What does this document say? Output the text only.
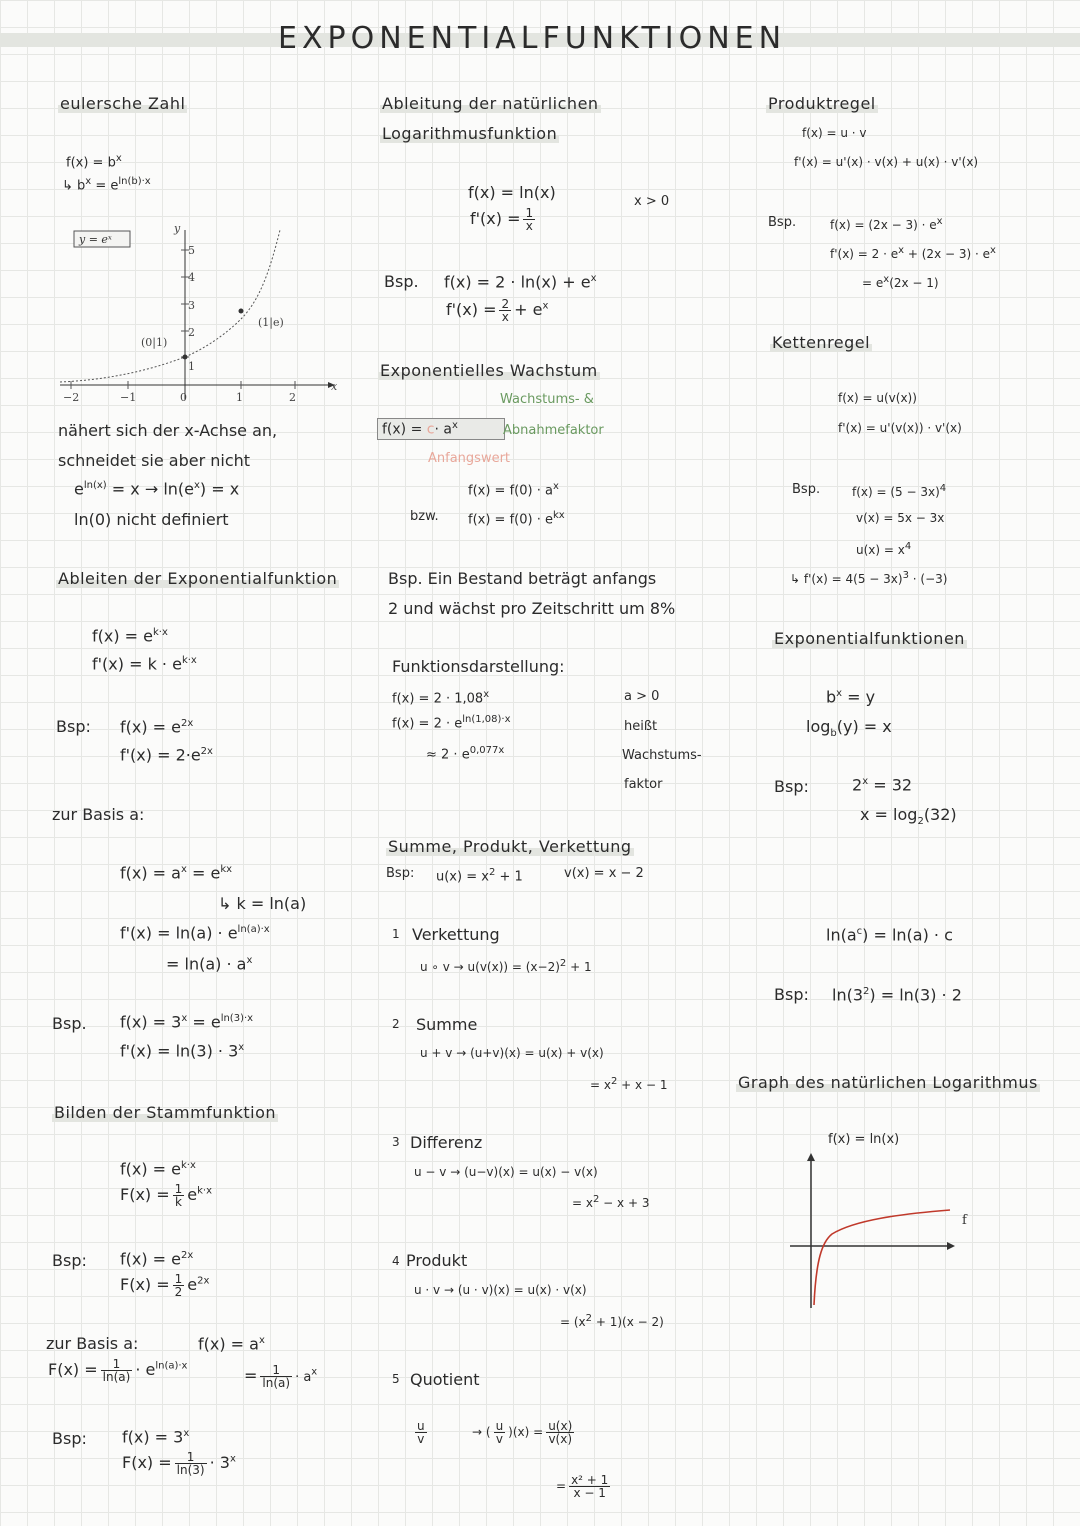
EXPONENTIALFUNKTIONEN
eulersche Zahl
$f(x) = b^x$
↳ $b^x = e^{ln(b)\cdot x}$
1
2
3
4
5
−2	−1	0	1	2
y
x
(0|1)
(1|e)
y = eˣ
nähert sich der x-Achse an,
schneidet sie aber nicht
$e^{ln(x)} = x \to \ln(e^x) = x$
ln(0) nicht definiert
Ableiten der Exponentialfunktion
$f(x) = e^{k\cdot x}$
$f'(x) = k \cdot e^{k\cdot x}$
Bsp: $f(x) = e^{2x}$
$f'(x) = 2\cdot e^{2x}$
zur Basis a:
$f(x) = a^x = e^{kx}$
↳ k = ln(a)
$f'(x) = \ln(a) \cdot e^{ln(a)\cdot x}$
= $\ln(a) \cdot a^x$
Bsp. $f(x) = 3^x = e^{ln(3)\cdot x}$
$f'(x) = \ln(3) \cdot 3^x$
Bilden der Stammfunktion
$f(x) = e^{k\cdot x}$
$F(x) = \frac{1}{k} e^{k\cdot x}$
Bsp: $f(x) = e^{2x}$
$F(x) = \frac{1}{2} e^{2x}$
zur Basis a:	$f(x) = a^x$
$F(x) = \frac{1}{\ln(a)} \cdot e^{ln(a)\cdot x}$	= $\frac{1}{\ln(a)} \cdot a^x$
Bsp: $f(x) = 3^x$
$F(x) = \frac{1}{\ln(3)} \cdot 3^x$
Ableitung der natürlichen
Logarithmusfunktion
f(x) = ln(x)	x > 0
$f'(x) = \frac{1}{x}$
Bsp. $f(x) = 2 \cdot \ln(x) + e^x$
$f'(x) = \frac{2}{x} + e^x$
Exponentielles Wachstum
Wachstums- &
$f(x) = c\cdot a^x$	Abnahmefaktor
Anfangswert
$f(x) = f(0) \cdot a^x$
bzw. $f(x) = f(0) \cdot e^{kx}$
Bsp. Ein Bestand beträgt anfangs
2 und wächst pro Zeitschritt um 8%
Funktionsdarstellung:
$f(x) = 2 \cdot 1,08^x$
$f(x) = 2 \cdot e^{ln(1,08)\cdot x}$
≈ $2 \cdot e^{0,077x}$
a > 0
heißt
Wachstums-
faktor
Summe, Produkt, Verkettung
Bsp: $u(x) = x^2 + 1$	v(x) = x − 2
1 Verkettung
u ∘ $v \to u(v(x)) = (x-2)^2 + 1$
2 Summe
u + v → (u+v)(x) = u(x) + v(x)
= $x^2 + x - 1$
3 Differenz
u − v → (u−v)(x) = u(x) − v(x)
= $x^2 - x + 3$
4 Produkt
u · v → (u · v)(x) = u(x) · v(x)
= $(x^2 + 1)(x - 2)$
5 Quotient
$\frac{u}{v}$	→ ( $\frac{u}{v} )(x) = \frac{u(x)}{v(x)}$
= $\frac{\text{x² + 1}}{x - 1}$
Produktregel
f(x) = u · v
f'(x) = u'(x) · v(x) + u(x) · v'(x)
Bsp.	$f(x) = (2x - 3) \cdot e^x$
$f'(x) = 2 \cdot e^x + (2x - 3) \cdot e^x$
= $e^x(2x - 1)$
Kettenregel
f(x) = u(v(x))
f'(x) = u'(v(x)) · v'(x)
Bsp.	$f(x) = (5 - 3x)^4$
v(x) = 5x − 3x
$u(x) = x^4$
↳ $f'(x) = 4(5 - 3x)^3 \cdot (-3)$
Exponentialfunktionen
$b^x = y$
$\log_b(y) = x$
Bsp:	$2^x = 32$
$x = \log_2(32)$
$\ln(a^c) = \ln(a) \cdot c$
Bsp: $\ln(3^2) = \ln(3) \cdot 2$
Graph des natürlichen Logarithmus
f(x) = ln(x)
f
